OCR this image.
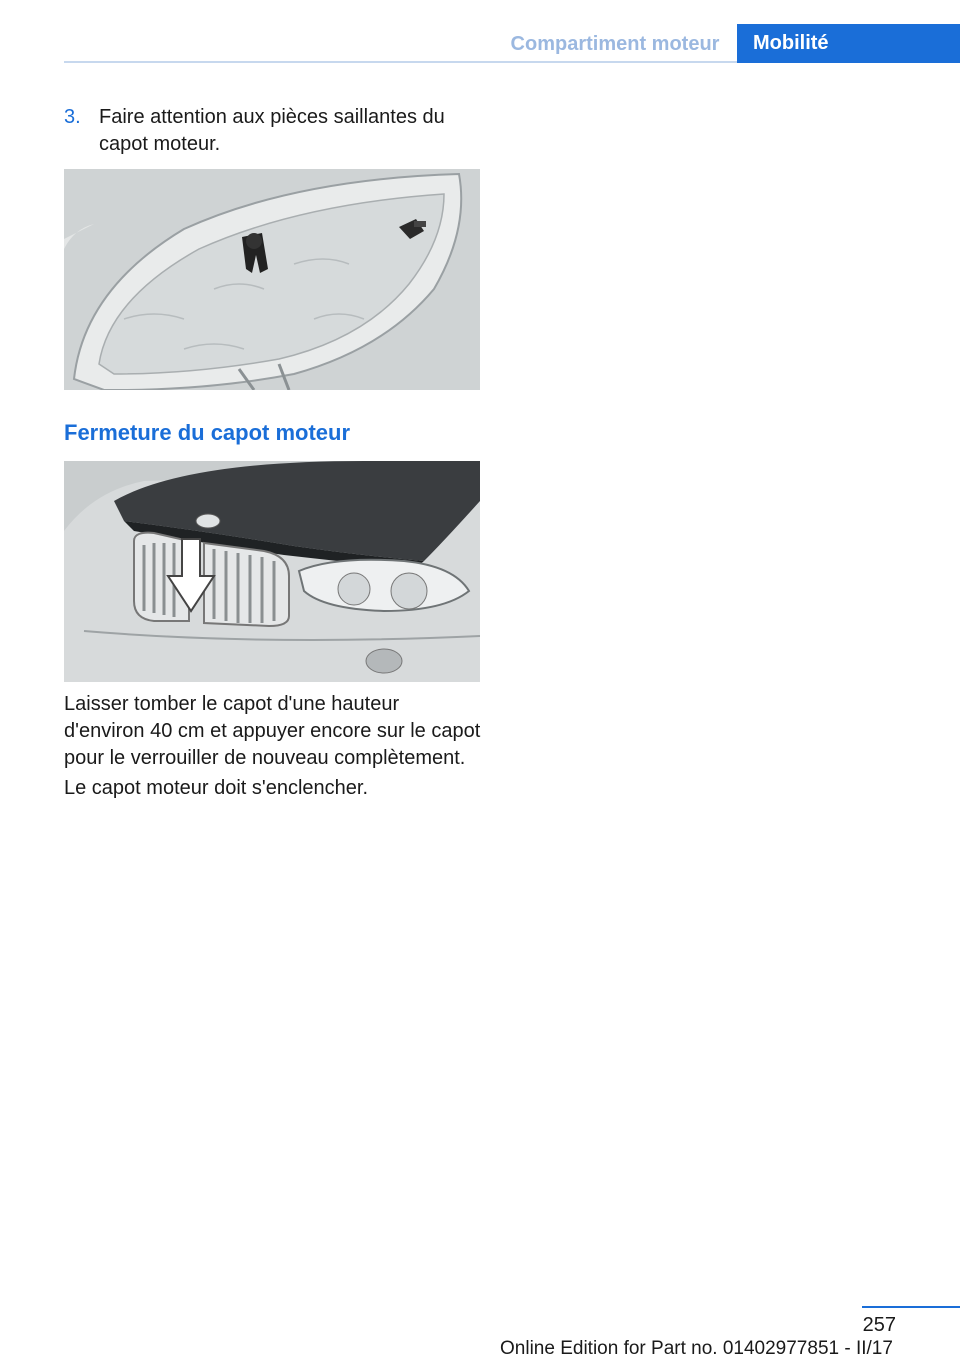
Compartiment moteur	Mobilité
3. Faire attention aux pièces saillantes du capot moteur.
Fermeture du capot moteur
Laisser tomber le capot d'une hauteur d'environ 40 cm et appuyer encore sur le capot pour le verrouiller de nouveau complètement.
Le capot moteur doit s'enclencher.
257
Online Edition for Part no. 01402977851 - II/17
